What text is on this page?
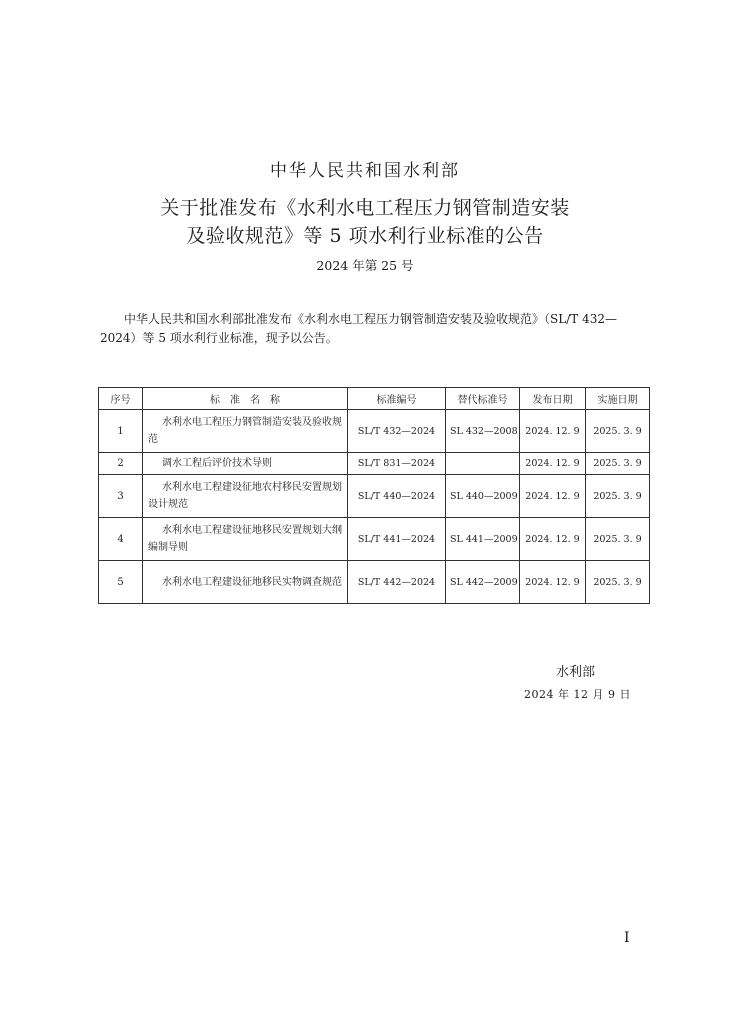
中华人民共和国水利部
关于批准发布《水利水电工程压力钢管制造安装
及验收规范》等 5 项水利行业标准的公告
2024 年第 25 号
中华人民共和国水利部批准发布《水利水电工程压力钢管制造安装及验收规范》（SL/T 432—2024）等 5 项水利行业标准，现予以公告。
序号	标　准　名　称	标准编号	替代标准号	发布日期	实施日期
1	水利水电工程压力钢管制造安装及验收规范	SL/T 432—2024	SL 432—2008	2024. 12. 9	2025. 3. 9
2	调水工程后评价技术导则	SL/T 831—2024		2024. 12. 9	2025. 3. 9
3	水利水电工程建设征地农村移民安置规划设计规范	SL/T 440—2024	SL 440—2009	2024. 12. 9	2025. 3. 9
4	水利水电工程建设征地移民安置规划大纲编制导则	SL/T 441—2024	SL 441—2009	2024. 12. 9	2025. 3. 9
5	水利水电工程建设征地移民实物调查规范	SL/T 442—2024	SL 442—2009	2024. 12. 9	2025. 3. 9
水利部
2024 年 12 月 9 日
I
